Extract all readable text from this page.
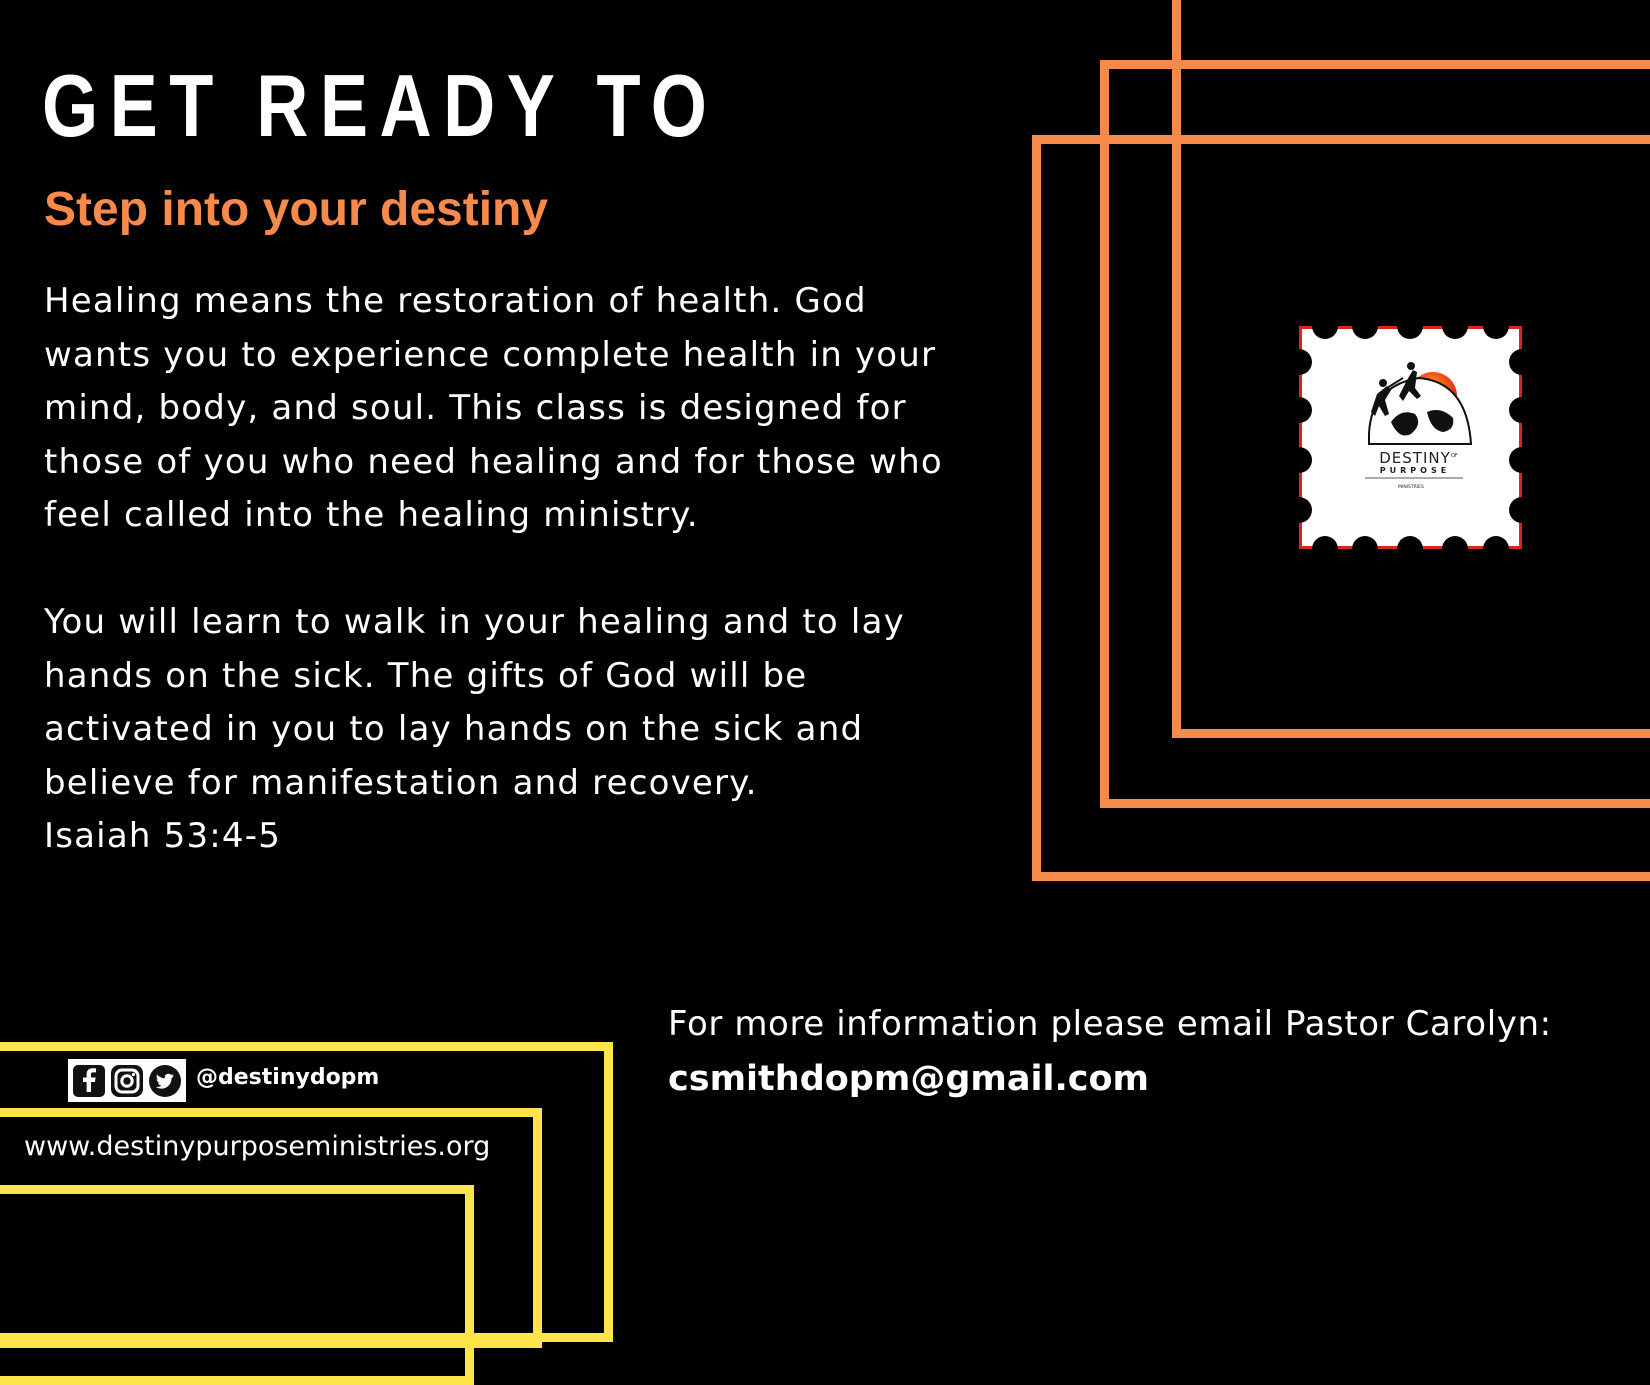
GET READY TO
Step into your destiny

Healing means the restoration of health. God wants you to experience complete health in your mind, body, and soul. This class is designed for those of you who need healing and for those who feel called into the healing ministry.

You will learn to walk in your healing and to lay hands on the sick. The gifts of God will be activated in you to lay hands on the sick and believe for manifestation and recovery.
Isaiah 53:4-5

DESTINY OF
PURPOSE
MINISTRIES
@destinydopm
www.destinypurposeministries.org
For more information please email Pastor Carolyn:
csmithdopm@gmail.com
